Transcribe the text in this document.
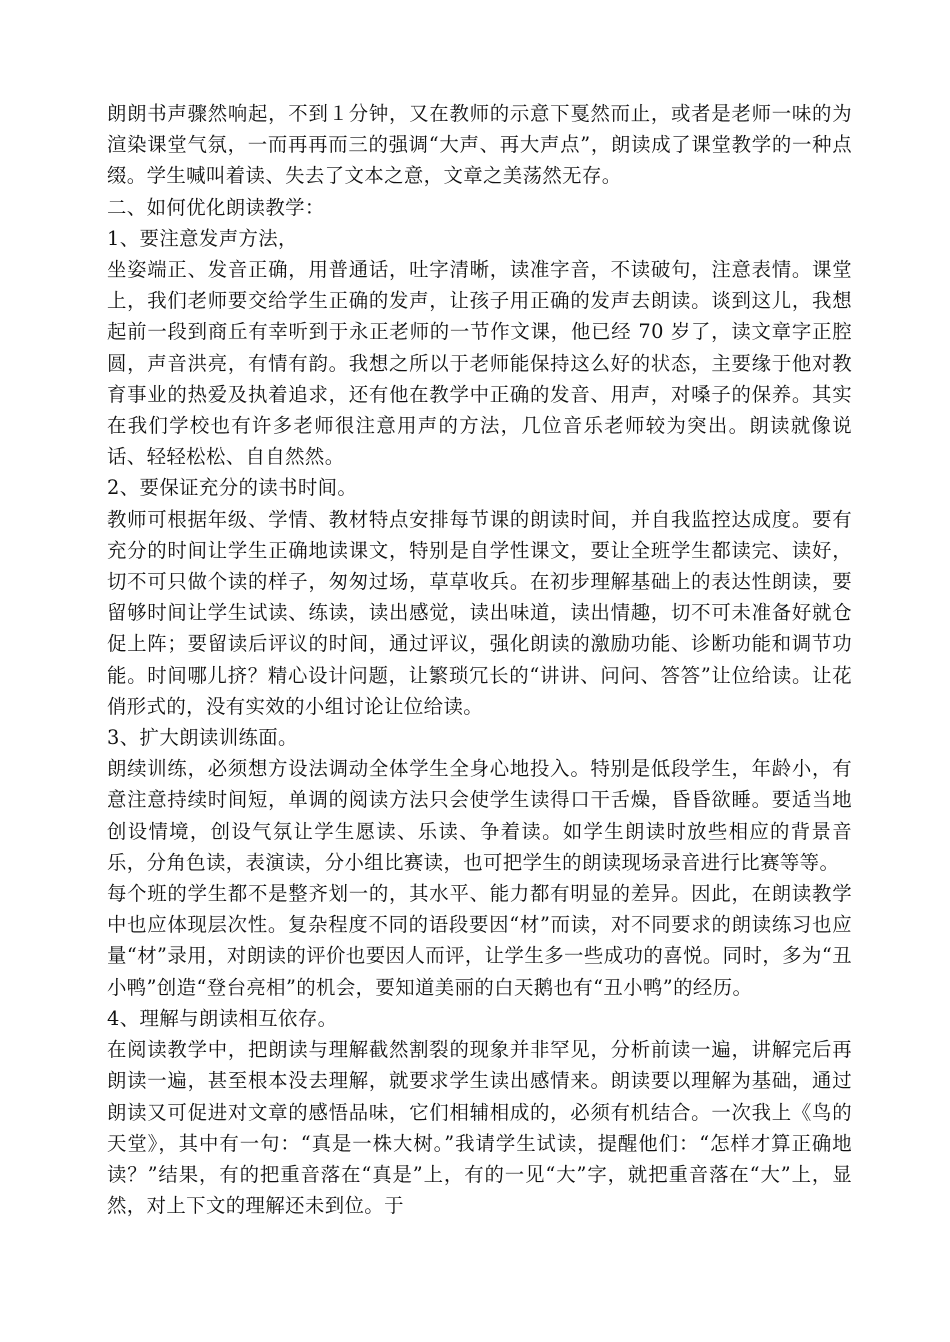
朗朗书声骤然响起，不到１分钟，又在教师的示意下戛然而止，或者是老师一味的为渲染课堂气氛，一而再再而三的强调“大声、再大声点”，朗读成了课堂教学的一种点缀。学生喊叫着读、失去了文本之意，文章之美荡然无存。

二、如何优化朗读教学：

1、要注意发声方法，

坐姿端正、发音正确，用普通话，吐字清晰，读准字音，不读破句，注意表情。课堂上，我们老师要交给学生正确的发声，让孩子用正确的发声去朗读。谈到这儿，我想起前一段到商丘有幸听到于永正老师的一节作文课，他已经 70 岁了，读文章字正腔圆，声音洪亮，有情有韵。我想之所以于老师能保持这么好的状态，主要缘于他对教育事业的热爱及执着追求，还有他在教学中正确的发音、用声，对嗓子的保养。其实在我们学校也有许多老师很注意用声的方法，几位音乐老师较为突出。朗读就像说话、轻轻松松、自自然然。

2、要保证充分的读书时间。

教师可根据年级、学情、教材特点安排每节课的朗读时间，并自我监控达成度。要有充分的时间让学生正确地读课文，特别是自学性课文，要让全班学生都读完、读好，切不可只做个读的样子，匆匆过场，草草收兵。在初步理解基础上的表达性朗读，要留够时间让学生试读、练读，读出感觉，读出味道，读出情趣，切不可未准备好就仓促上阵；要留读后评议的时间，通过评议，强化朗读的激励功能、诊断功能和调节功能。时间哪儿挤？精心设计问题，让繁琐冗长的“讲讲、问问、答答”让位给读。让花俏形式的，没有实效的小组讨论让位给读。

3、扩大朗读训练面。

朗续训练，必须想方设法调动全体学生全身心地投入。特别是低段学生，年龄小，有意注意持续时间短，单调的阅读方法只会使学生读得口干舌燥，昏昏欲睡。要适当地创设情境，创设气氛让学生愿读、乐读、争着读。如学生朗读时放些相应的背景音乐，分角色读，表演读，分小组比赛读，也可把学生的朗读现场录音进行比赛等等。

每个班的学生都不是整齐划一的，其水平、能力都有明显的差异。因此，在朗读教学中也应体现层次性。复杂程度不同的语段要因“材”而读，对不同要求的朗读练习也应量“材”录用，对朗读的评价也要因人而评，让学生多一些成功的喜悦。同时，多为“丑小鸭”创造“登台亮相”的机会，要知道美丽的白天鹅也有“丑小鸭”的经历。

4、理解与朗读相互依存。

在阅读教学中，把朗读与理解截然割裂的现象并非罕见，分析前读一遍，讲解完后再朗读一遍，甚至根本没去理解，就要求学生读出感情来。朗读要以理解为基础，通过朗读又可促进对文章的感悟品味，它们相辅相成的，必须有机结合。一次我上《鸟的天堂》，其中有一句：“真是一株大树。”我请学生试读，提醒他们：“怎样才算正确地读？”结果，有的把重音落在“真是”上，有的一见“大”字，就把重音落在“大”上，显然，对上下文的理解还未到位。于
